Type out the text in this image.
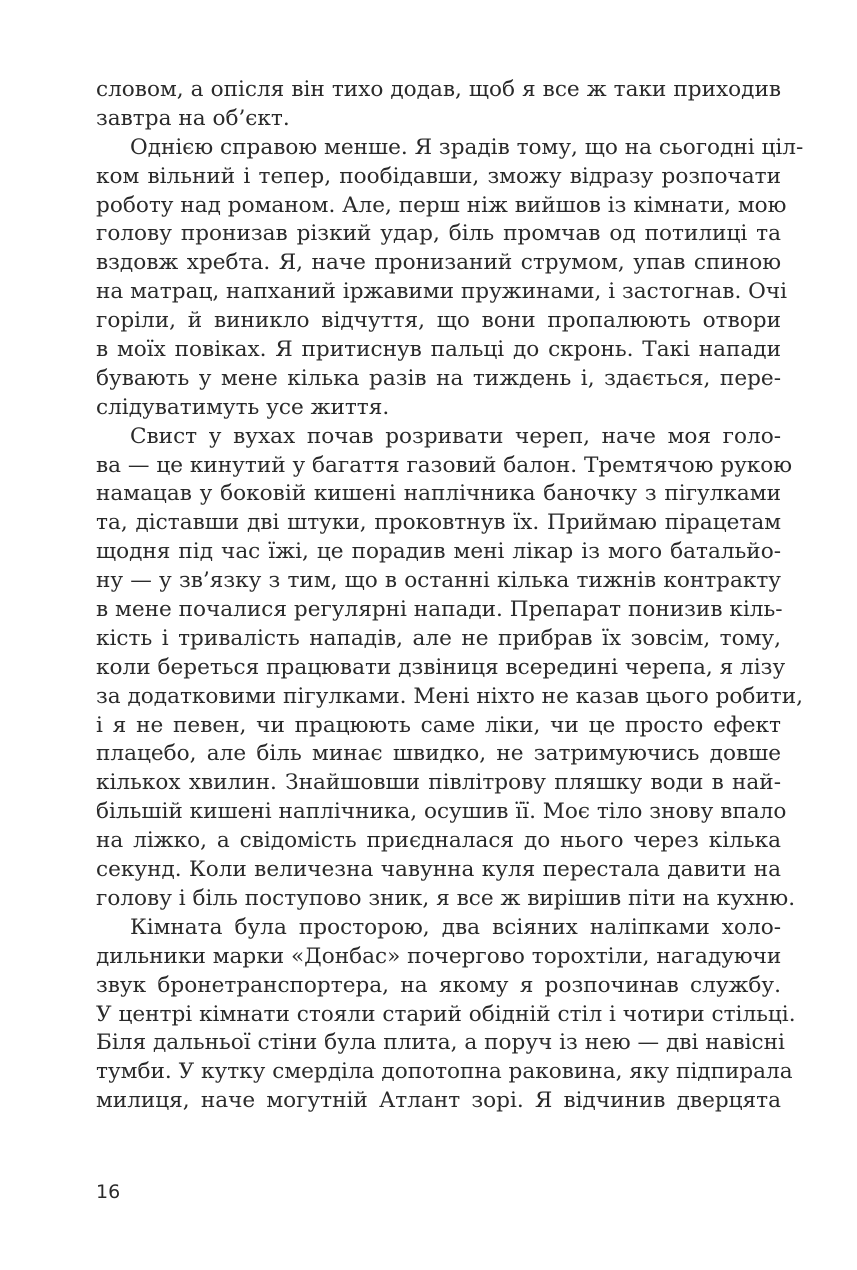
словом, а опісля він тихо додав, щоб я все ж таки приходив
завтра на об’єкт.
Однією справою менше. Я зрадів тому, що на сьогодні ціл-
ком вільний і тепер, пообідавши, зможу відразу розпочати
роботу над романом. Але, перш ніж вийшов із кімнати, мою
голову пронизав різкий удар, біль промчав од потилиці та
вздовж хребта. Я, наче пронизаний струмом, упав спиною
на матрац, напханий іржавими пружинами, і застогнав. Очі
горіли, й виникло відчуття, що вони пропалюють отвори
в моїх повіках. Я притиснув пальці до скронь. Такі напади
бувають у мене кілька разів на тиждень і, здається, пере-
слідуватимуть усе життя.
Свист у вухах почав розривати череп, наче моя голо-
ва — це кинутий у багаття газовий балон. Тремтячою рукою
намацав у боковій кишені наплічника баночку з пігулками
та, діставши дві штуки, проковтнув їх. Приймаю пірацетам
щодня під час їжі, це порадив мені лікар із мого батальйо-
ну — у зв’язку з тим, що в останні кілька тижнів контракту
в мене почалися регулярні напади. Препарат понизив кіль-
кість і тривалість нападів, але не прибрав їх зовсім, тому,
коли береться працювати дзвіниця всередині черепа, я лізу
за додатковими пігулками. Мені ніхто не казав цього робити,
і я не певен, чи працюють саме ліки, чи це просто ефект
плацебо, але біль минає швидко, не затримуючись довше
кількох хвилин. Знайшовши півлітрову пляшку води в най-
більшій кишені наплічника, осушив її. Моє тіло знову впало
на ліжко, а свідомість приєдналася до нього через кілька
секунд. Коли величезна чавунна куля перестала давити на
голову і біль поступово зник, я все ж вирішив піти на кухню.
Кімната була просторою, два всіяних наліпками холо-
дильники марки «Донбас» почергово торохтіли, нагадуючи
звук бронетранспортера, на якому я розпочинав службу.
У центрі кімнати стояли старий обідній стіл і чотири стільці.
Біля дальньої стіни була плита, а поруч із нею — дві навісні
тумби. У кутку смерділа допотопна раковина, яку підпирала
милиця, наче могутній Атлант зорі. Я відчинив дверцята
16
